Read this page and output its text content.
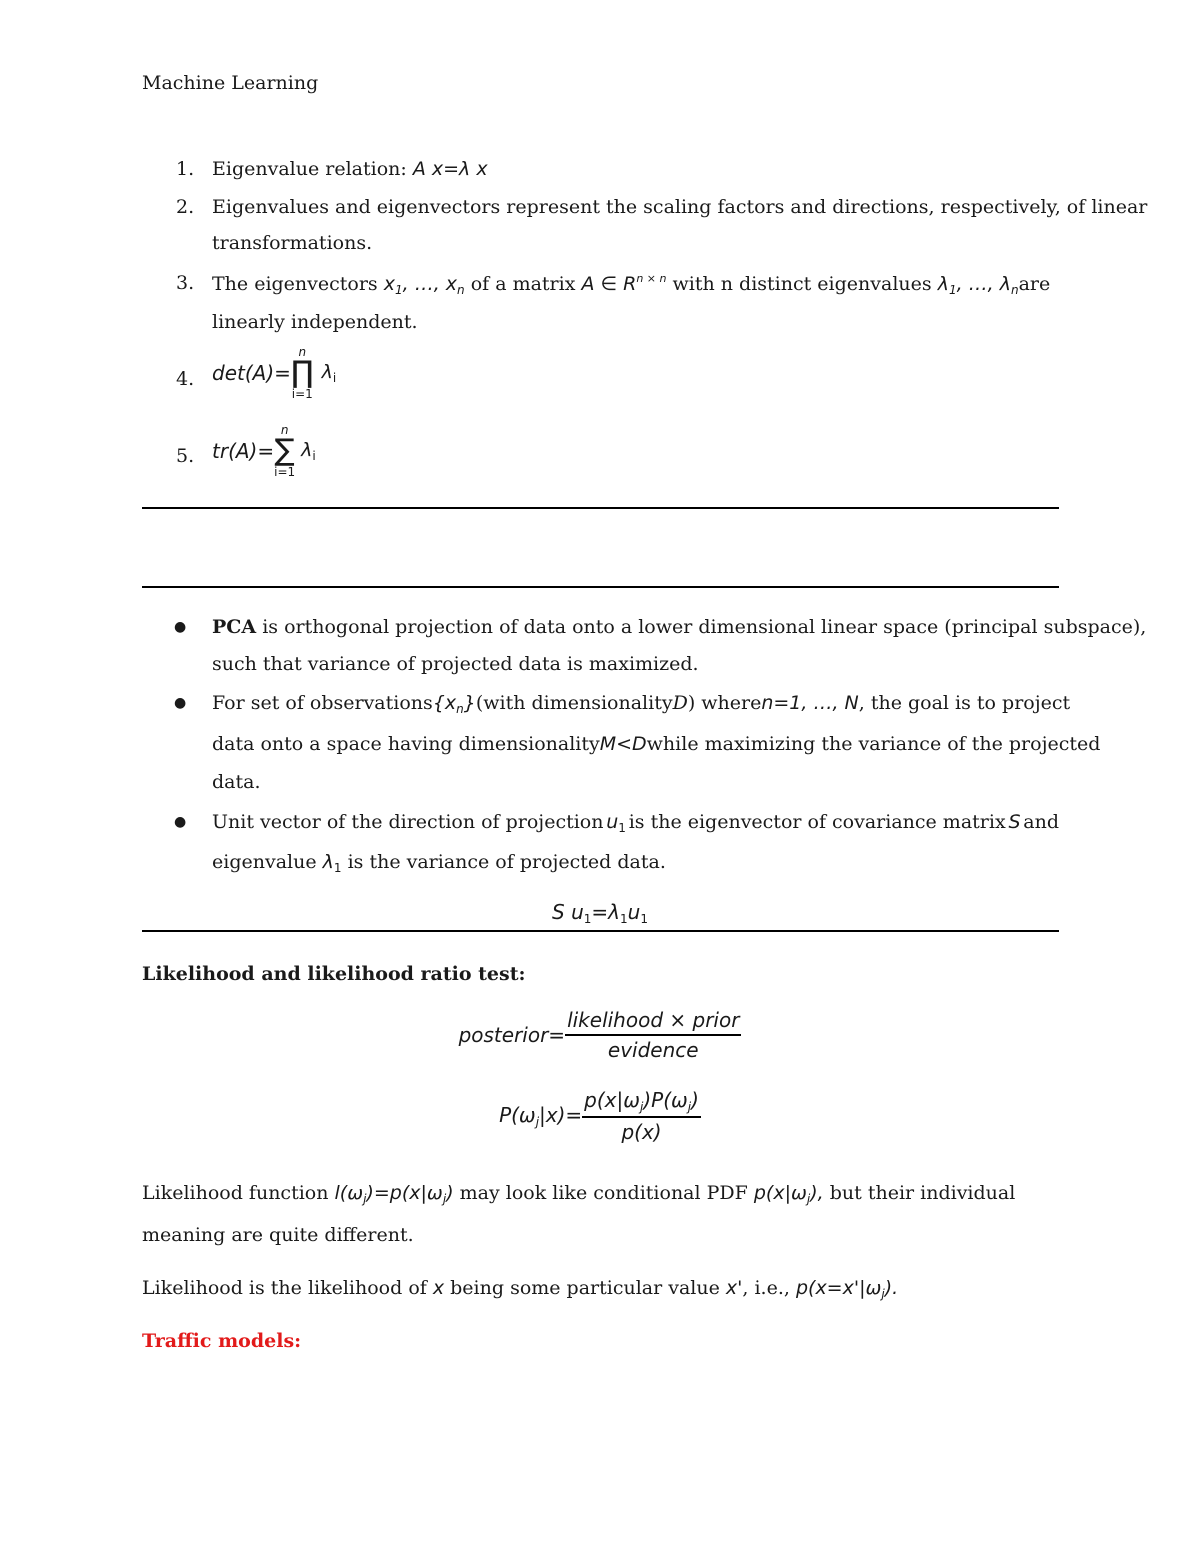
Machine Learning
1. Eigenvalue relation: A x=λ x
2. Eigenvalues and eigenvectors represent the scaling factors and directions, respectively, of linear
transformations.
3. The eigenvectors $x_1$, …, $x_n$ of a matrix A ∈ $R^{n \times n}$ with n distinct eigenvalues $\lambda_1$, …, $\lambda_nare$
linearly independent.
4. det(A)=
n
∏
i=1
$\lambda_i$
5. tr(A)=
n
∑
i=1
$\lambda_i$
● PCA is orthogonal projection of data onto a lower dimensional linear space (principal subspace),
such that variance of projected data is maximized.
● For set of observations $\{x_n\}$ (with dimensionality D) where n=1, …, N , the goal is to project
data onto a space having dimensionality M<D while maximizing the variance of the projected
data.
● Unit vector of the direction of projection $u_1$ is the eigenvector of covariance matrix S and
eigenvalue $\lambda_1$ is the variance of projected data.
S $u_1=\lambda_1u_1$
Likelihood and likelihood ratio test:
posterior= $\frac{\text{likelihood × prior}}{\text{evidence}}$
$P(\omega_j|x)= \frac{p(x|\omega_j)P(\omega_j)}{p(x)}$
Likelihood function $l(\omega_j)=p(x|\omega_j)$ may look like conditional PDF $p(x|\omega_j)$, but their individual
meaning are quite different.
Likelihood is the likelihood of x being some particular value x', i.e., $p(x=x'|\omega_j)$.
Traffic models:
